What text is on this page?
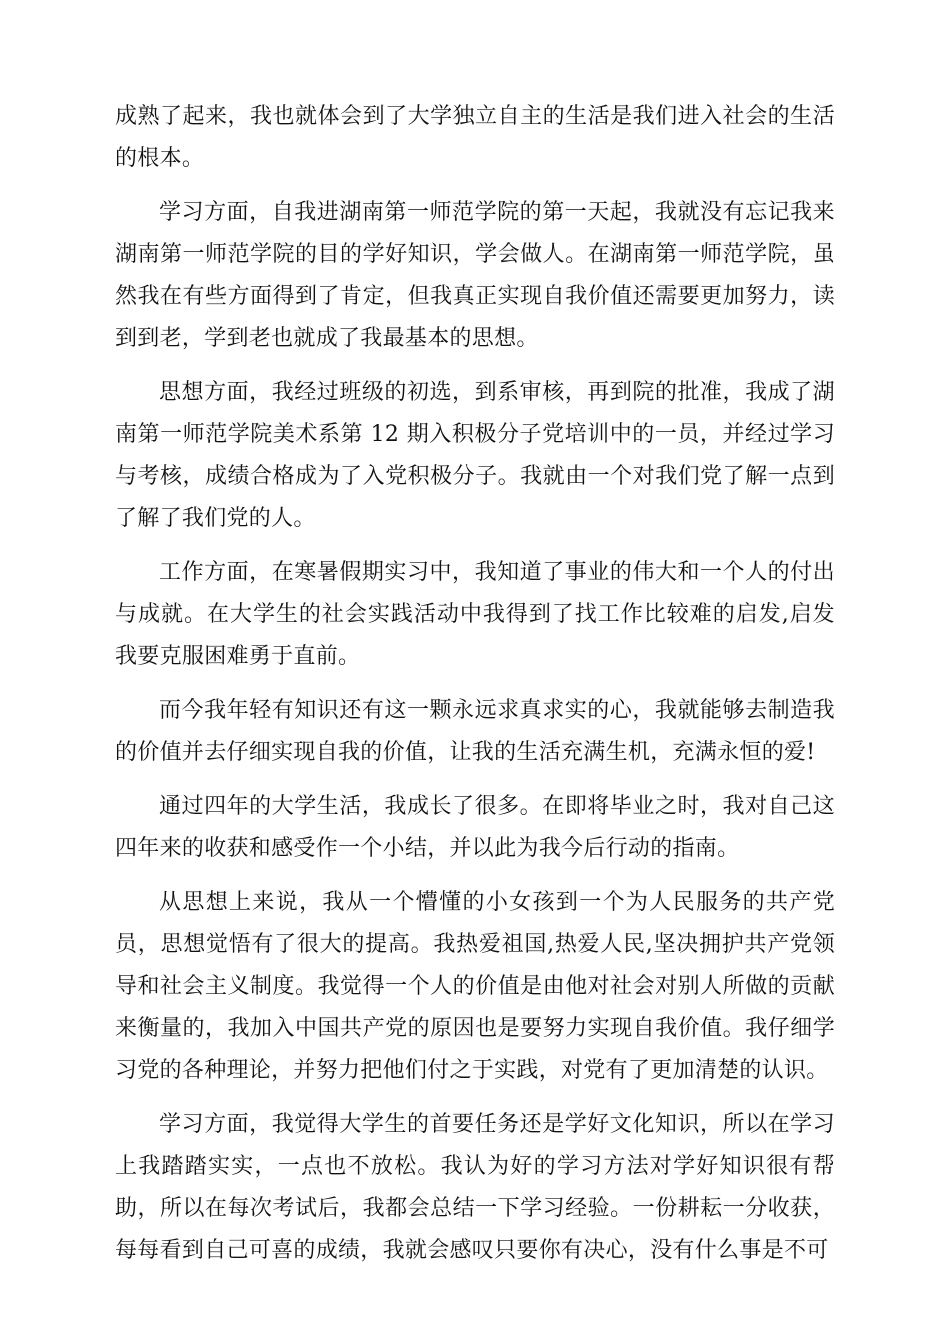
成熟了起来，我也就体会到了大学独立自主的生活是我们进入社会的生活的根本。

学习方面，自我进湖南第一师范学院的第一天起，我就没有忘记我来湖南第一师范学院的目的学好知识，学会做人。在湖南第一师范学院，虽然我在有些方面得到了肯定，但我真正实现自我价值还需要更加努力，读到到老，学到老也就成了我最基本的思想。

思想方面，我经过班级的初选，到系审核，再到院的批准，我成了湖南第一师范学院美术系第 12 期入积极分子党培训中的一员，并经过学习与考核，成绩合格成为了入党积极分子。我就由一个对我们党了解一点到了解了我们党的人。

工作方面，在寒暑假期实习中，我知道了事业的伟大和一个人的付出与成就。在大学生的社会实践活动中我得到了找工作比较难的启发,启发我要克服困难勇于直前。

而今我年轻有知识还有这一颗永远求真求实的心，我就能够去制造我的价值并去仔细实现自我的价值，让我的生活充满生机，充满永恒的爱!

通过四年的大学生活，我成长了很多。在即将毕业之时，我对自己这四年来的收获和感受作一个小结，并以此为我今后行动的指南。

从思想上来说，我从一个懵懂的小女孩到一个为人民服务的共产党员，思想觉悟有了很大的提高。我热爱祖国,热爱人民,坚决拥护共产党领导和社会主义制度。我觉得一个人的价值是由他对社会对别人所做的贡献来衡量的，我加入中国共产党的原因也是要努力实现自我价值。我仔细学习党的各种理论，并努力把他们付之于实践，对党有了更加清楚的认识。

学习方面，我觉得大学生的首要任务还是学好文化知识，所以在学习上我踏踏实实，一点也不放松。我认为好的学习方法对学好知识很有帮助，所以在每次考试后，我都会总结一下学习经验。一份耕耘一分收获，每每看到自己可喜的成绩，我就会感叹只要你有决心，没有什么事是不可
